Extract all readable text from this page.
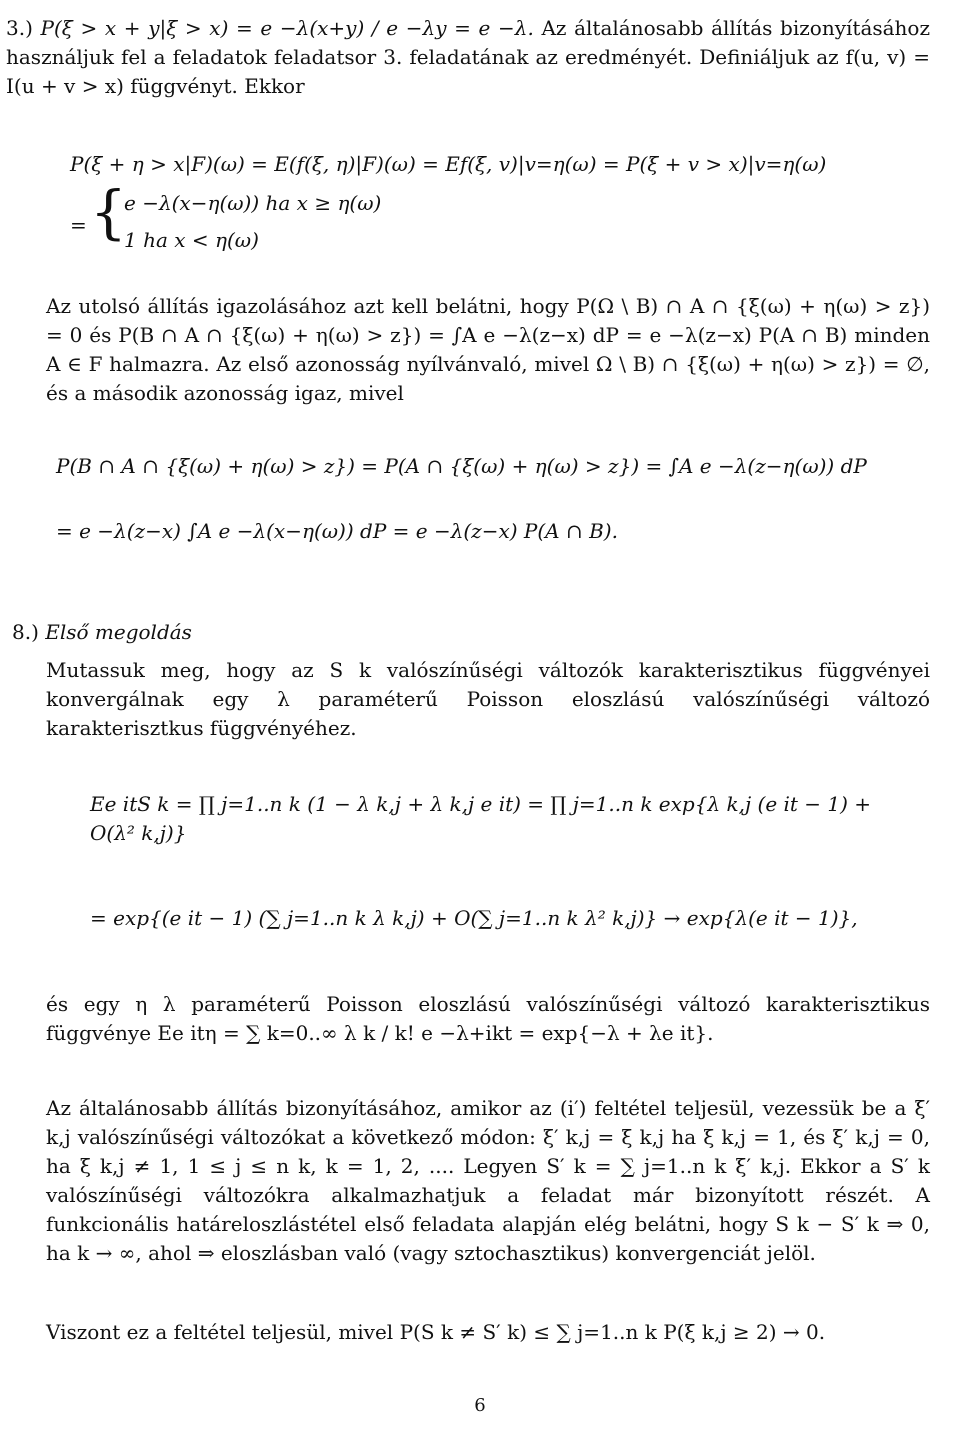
3.) P(ξ > x + y|ξ > x) = e −λ(x+y) / e −λy = e −λ. Az általánosabb állítás bizonyításához használjuk fel a feladatok feladatsor 3. feladatának az eredményét. Definiáljuk az f(u, v) = I(u + v > x) függvényt. Ekkor

P(ξ + η > x|F)(ω) = E(f(ξ, η)|F)(ω) = Ef(ξ, v)|v=η(ω) = P(ξ + v > x)|v=η(ω)
= {
e −λ(x−η(ω)) ha x ≥ η(ω)
1 ha x < η(ω)

Az utolsó állítás igazolásához azt kell belátni, hogy P(Ω \ B) ∩ A ∩ {ξ(ω) + η(ω) > z}) = 0 és P(B ∩ A ∩ {ξ(ω) + η(ω) > z}) = ∫A e −λ(z−x) dP = e −λ(z−x) P(A ∩ B) minden A ∈ F halmazra. Az első azonosság nyílvánvaló, mivel Ω \ B) ∩ {ξ(ω) + η(ω) > z}) = ∅, és a második azonosság igaz, mivel

P(B ∩ A ∩ {ξ(ω) + η(ω) > z}) = P(A ∩ {ξ(ω) + η(ω) > z}) = ∫A e −λ(z−η(ω)) dP
= e −λ(z−x) ∫A e −λ(x−η(ω)) dP = e −λ(z−x) P(A ∩ B).
8.) Első megoldás

Mutassuk meg, hogy az S k valószínűségi változók karakterisztikus függvényei konvergálnak egy λ paraméterű Poisson eloszlású valószínűségi változó karakterisztkus függvényéhez.

Ee itS k = ∏ j=1..n k (1 − λ k,j + λ k,j e it) = ∏ j=1..n k exp{λ k,j (e it − 1) + O(λ² k,j)}
= exp{(e it − 1) (∑ j=1..n k λ k,j) + O(∑ j=1..n k λ² k,j)} → exp{λ(e it − 1)},

és egy η λ paraméterű Poisson eloszlású valószínűségi változó karakterisztikus függvénye Ee itη = ∑ k=0..∞ λ k / k! e −λ+ikt = exp{−λ + λe it}.

Az általánosabb állítás bizonyításához, amikor az (i′) feltétel teljesül, vezessük be a ξ′ k,j valószínűségi változókat a következő módon: ξ′ k,j = ξ k,j ha ξ k,j = 1, és ξ′ k,j = 0, ha ξ k,j ≠ 1, 1 ≤ j ≤ n k, k = 1, 2, .... Legyen S′ k = ∑ j=1..n k ξ′ k,j. Ekkor a S′ k valószínűségi változókra alkalmazhatjuk a feladat már bizonyított részét. A funkcionális határeloszlástétel első feladata alapján elég belátni, hogy S k − S′ k ⇒ 0, ha k → ∞, ahol ⇒ eloszlásban való (vagy sztochasztikus) konvergenciát jelöl.

Viszont ez a feltétel teljesül, mivel P(S k ≠ S′ k) ≤ ∑ j=1..n k P(ξ k,j ≥ 2) → 0.

6
